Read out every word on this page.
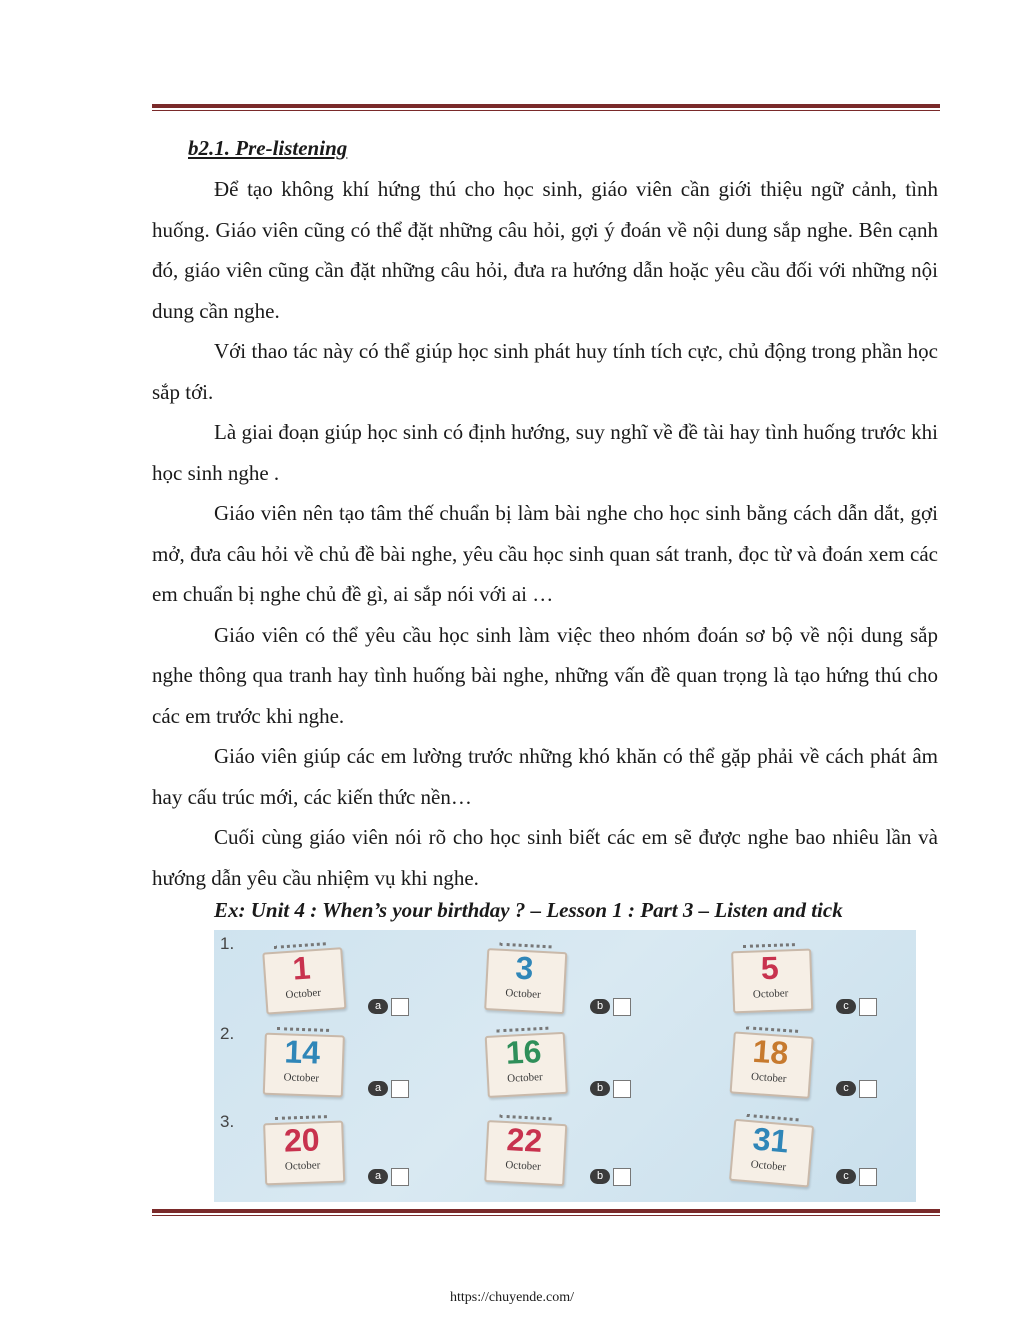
b2.1. Pre-listening

Để tạo không khí hứng thú cho học sinh, giáo viên cần giới thiệu ngữ cảnh, tình huống. Giáo viên cũng có thể đặt những câu hỏi, gợi ý đoán về nội dung sắp nghe. Bên cạnh đó, giáo viên cũng cần đặt những câu hỏi, đưa ra hướng dẫn hoặc yêu cầu đối với những nội dung cần nghe.

Với thao tác này có thể giúp học sinh phát huy tính tích cực, chủ động trong phần học sắp tới.

Là giai đoạn giúp học sinh có định hướng, suy nghĩ về đề tài hay tình huống trước khi học sinh nghe .

Giáo viên nên tạo tâm thế chuẩn bị làm bài nghe cho học sinh bằng cách dẫn dắt, gợi mở, đưa câu hỏi về chủ đề bài nghe, yêu cầu học sinh quan sát tranh, đọc từ và đoán xem các em chuẩn bị nghe chủ đề gì, ai sắp nói với ai …

Giáo viên có thể yêu cầu học sinh làm việc theo nhóm đoán sơ bộ về nội dung sắp nghe thông qua tranh hay tình huống bài nghe, những vấn đề quan trọng là tạo hứng thú cho các em trước khi nghe.

Giáo viên giúp các em lường trước những khó khăn có thể gặp phải về cách phát âm hay cấu trúc mới, các kiến thức nền…

Cuối cùng giáo viên nói rõ cho học sinh biết các em sẽ được nghe bao nhiêu lần và hướng dẫn yêu cầu nhiệm vụ khi nghe.

Ex: Unit 4 : When’s your birthday ? – Lesson 1 : Part 3 – Listen and tick
1.
2.
3.
1
October
a
3
October
b
5
October
c
14
October
a
16
October
b
18
October
c
20
October
a
22
October
b
31
October
c
https://chuyende.com/
